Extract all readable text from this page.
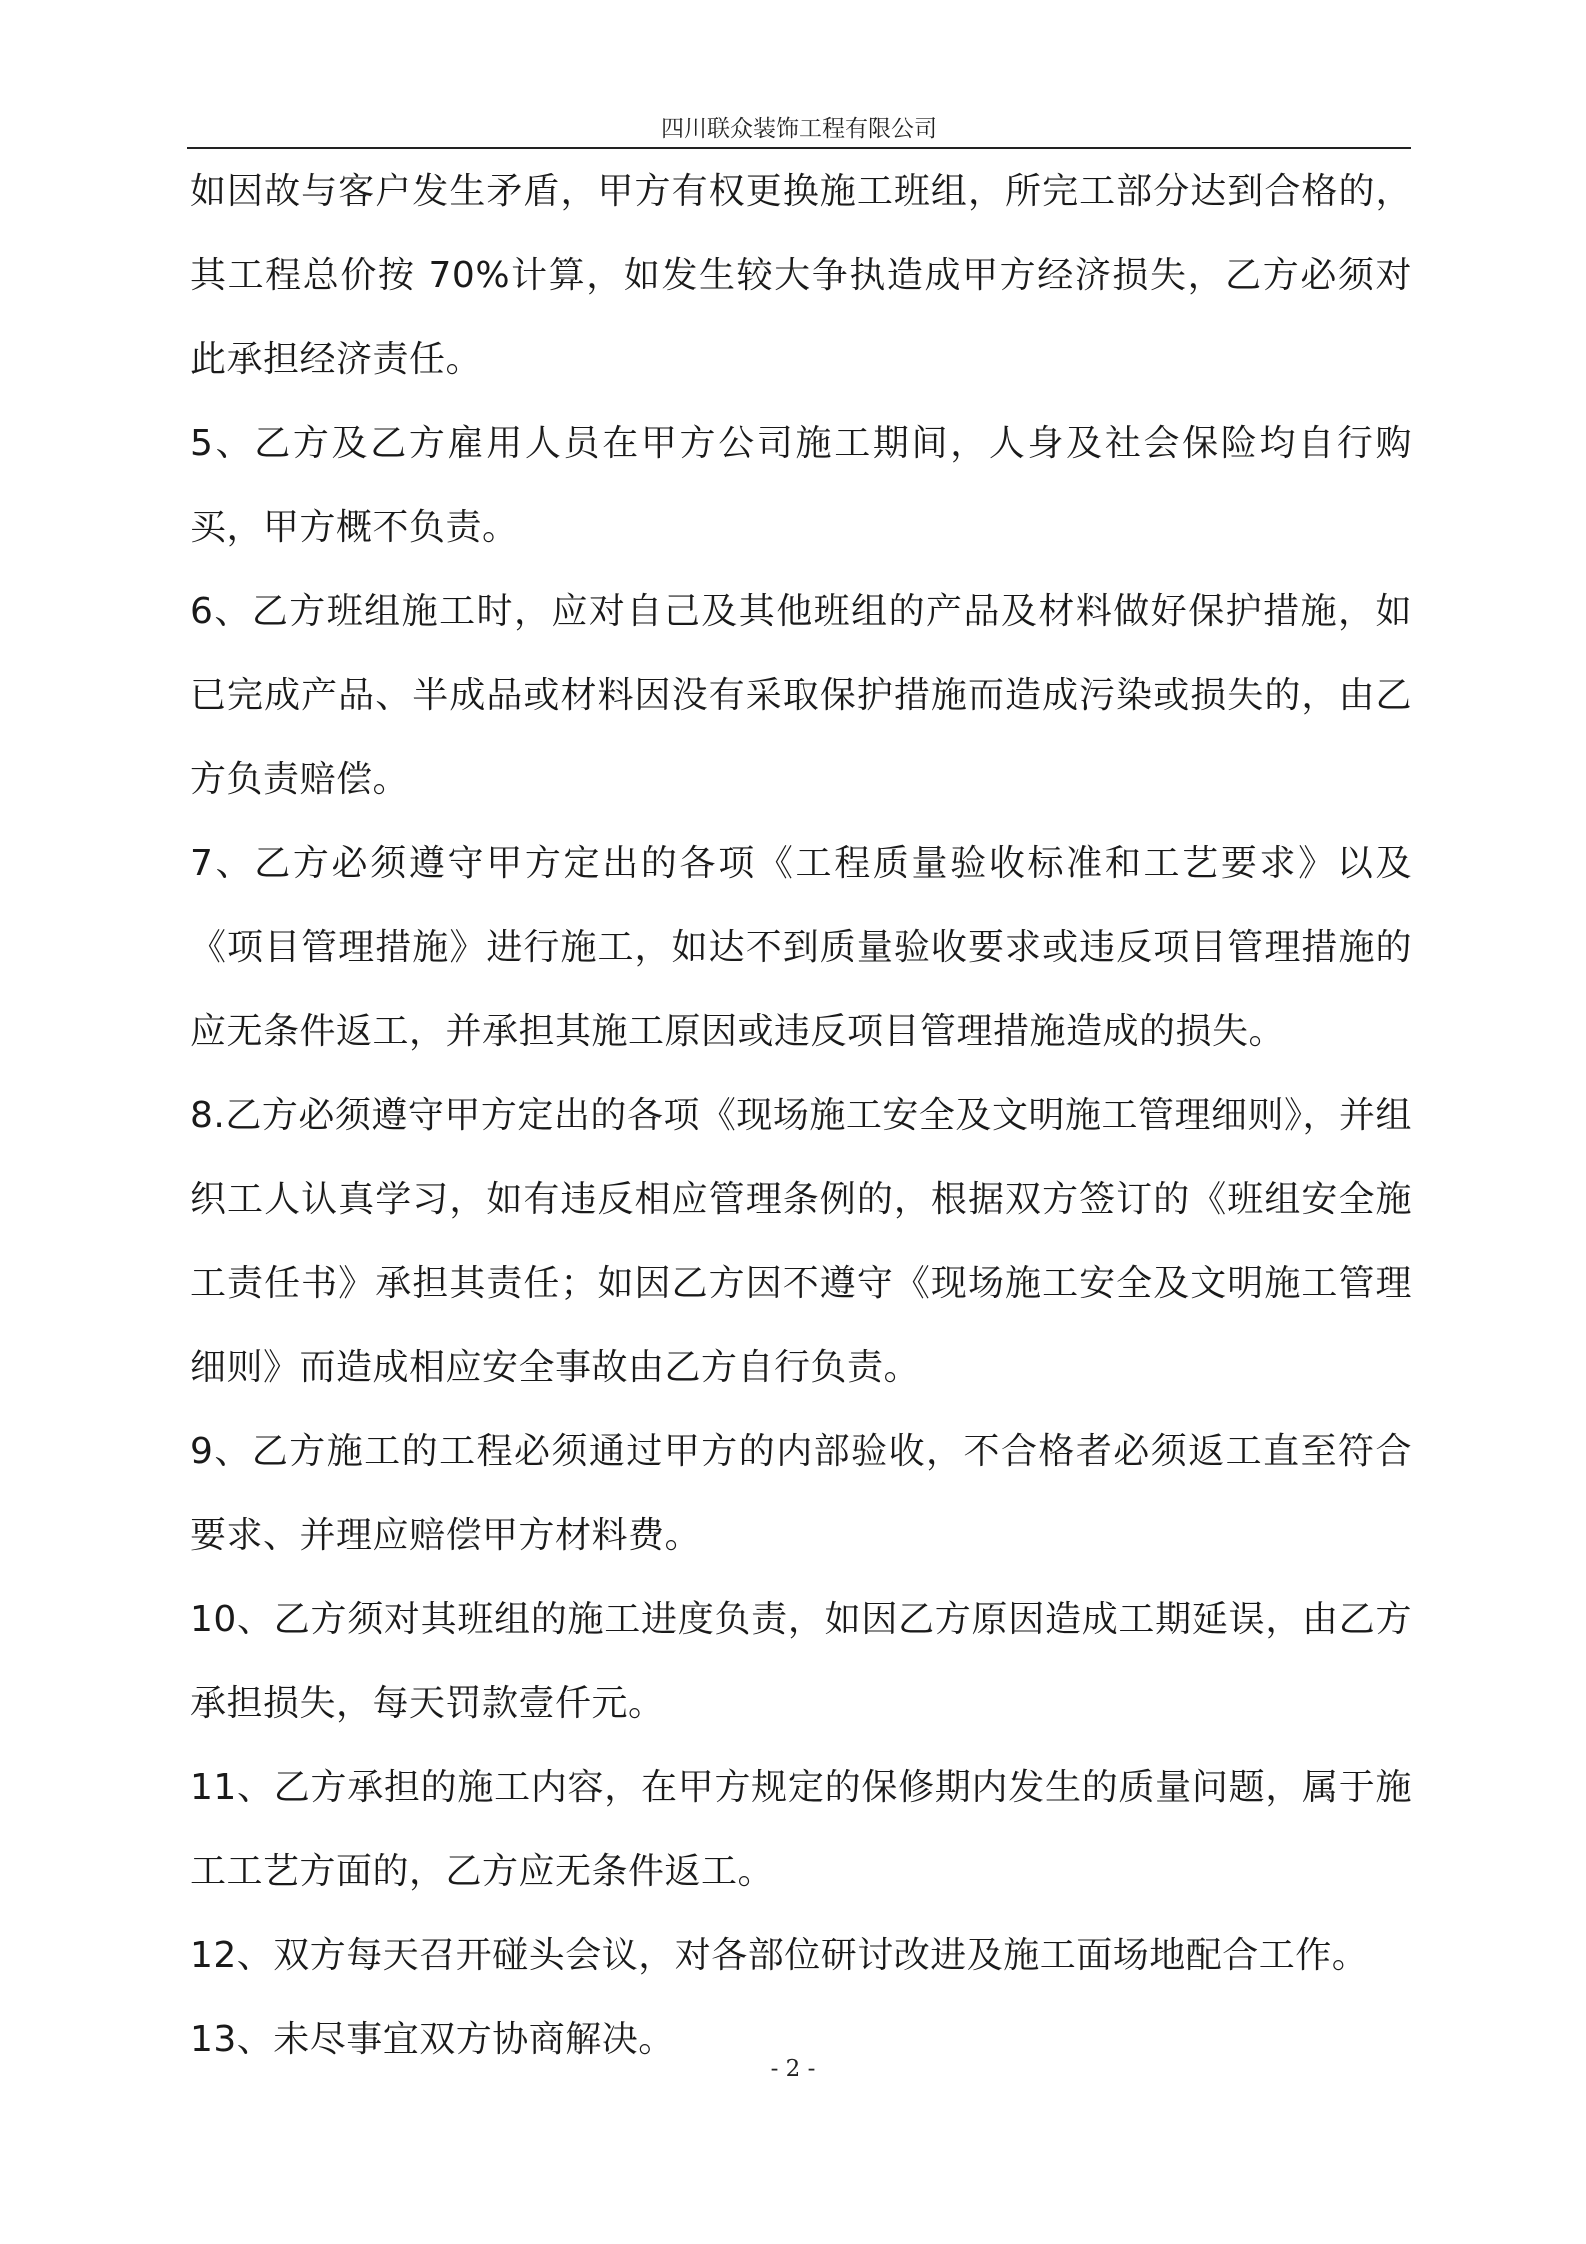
四川联众装饰工程有限公司

如因故与客户发生矛盾，甲方有权更换施工班组，所完工部分达到合格的，其工程总价按 70%计算，如发生较大争执造成甲方经济损失，乙方必须对此承担经济责任。

5、乙方及乙方雇用人员在甲方公司施工期间，人身及社会保险均自行购买，甲方概不负责。

6、乙方班组施工时，应对自己及其他班组的产品及材料做好保护措施，如已完成产品、半成品或材料因没有采取保护措施而造成污染或损失的，由乙方负责赔偿。

7、乙方必须遵守甲方定出的各项《工程质量验收标准和工艺要求》以及《项目管理措施》进行施工，如达不到质量验收要求或违反项目管理措施的应无条件返工，并承担其施工原因或违反项目管理措施造成的损失。

8.乙方必须遵守甲方定出的各项《现场施工安全及文明施工管理细则》，并组织工人认真学习，如有违反相应管理条例的，根据双方签订的《班组安全施工责任书》承担其责任；如因乙方因不遵守《现场施工安全及文明施工管理细则》而造成相应安全事故由乙方自行负责。

9、乙方施工的工程必须通过甲方的内部验收，不合格者必须返工直至符合要求、并理应赔偿甲方材料费。

10、乙方须对其班组的施工进度负责，如因乙方原因造成工期延误，由乙方承担损失，每天罚款壹仟元。

11、乙方承担的施工内容，在甲方规定的保修期内发生的质量问题，属于施工工艺方面的，乙方应无条件返工。

12、双方每天召开碰头会议，对各部位研讨改进及施工面场地配合工作。

13、未尽事宜双方协商解决。

- 2 -
